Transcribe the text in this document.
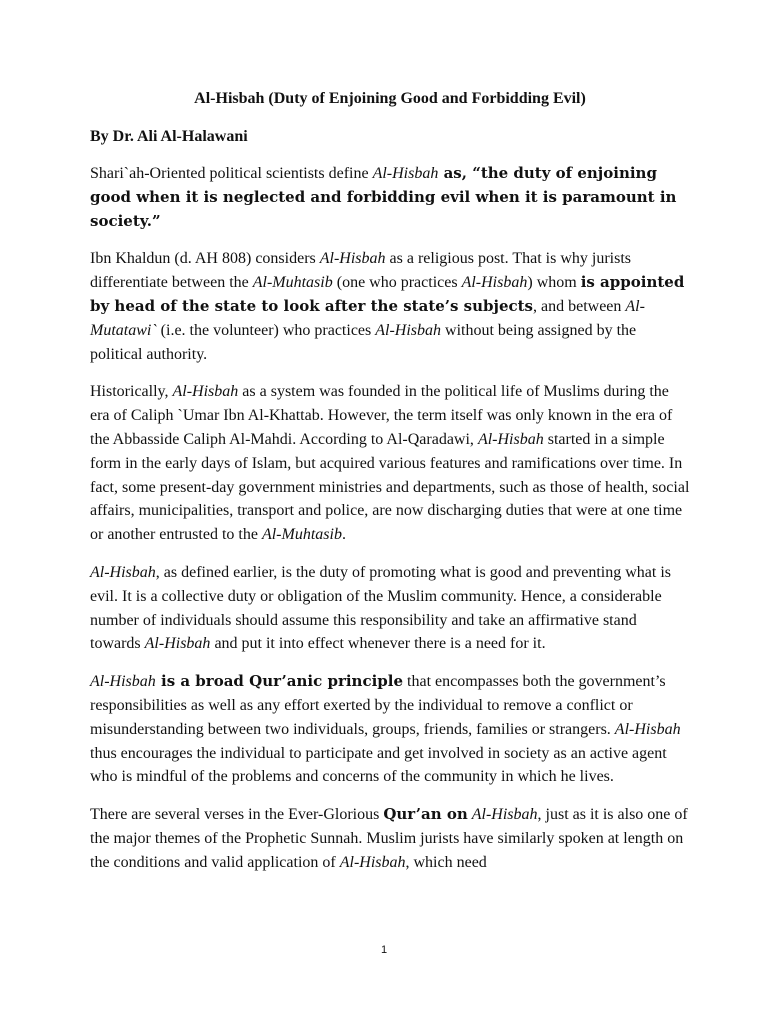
Al-Hisbah (Duty of Enjoining Good and Forbidding Evil)
By Dr. Ali Al-Halawani

Shari`ah-Oriented political scientists define Al-Hisbah as, “the duty of enjoining good when it is neglected and forbidding evil when it is paramount in society.”

Ibn Khaldun (d. AH 808) considers Al-Hisbah as a religious post. That is why jurists differentiate between the Al-Muhtasib (one who practices Al-Hisbah) whom is appointed by head of the state to look after the state’s subjects, and between Al-Mutatawi` (i.e. the volunteer) who practices Al-Hisbah without being assigned by the political authority.

Historically, Al-Hisbah as a system was founded in the political life of Muslims during the era of Caliph `Umar Ibn Al-Khattab. However, the term itself was only known in the era of the Abbasside Caliph Al-Mahdi. According to Al-Qaradawi, Al-Hisbah started in a simple form in the early days of Islam, but acquired various features and ramifications over time. In fact, some present-day government ministries and departments, such as those of health, social affairs, municipalities, transport and police, are now discharging duties that were at one time or another entrusted to the Al-Muhtasib.

Al-Hisbah, as defined earlier, is the duty of promoting what is good and preventing what is evil. It is a collective duty or obligation of the Muslim community. Hence, a considerable number of individuals should assume this responsibility and take an affirmative stand towards Al-Hisbah and put it into effect whenever there is a need for it.

Al-Hisbah is a broad Qur’anic principle that encompasses both the government’s responsibilities as well as any effort exerted by the individual to remove a conflict or misunderstanding between two individuals, groups, friends, families or strangers. Al-Hisbah thus encourages the individual to participate and get involved in society as an active agent who is mindful of the problems and concerns of the community in which he lives.

There are several verses in the Ever-Glorious Qur’an on Al-Hisbah, just as it is also one of the major themes of the Prophetic Sunnah. Muslim jurists have similarly spoken at length on the conditions and valid application of Al-Hisbah, which need

1
